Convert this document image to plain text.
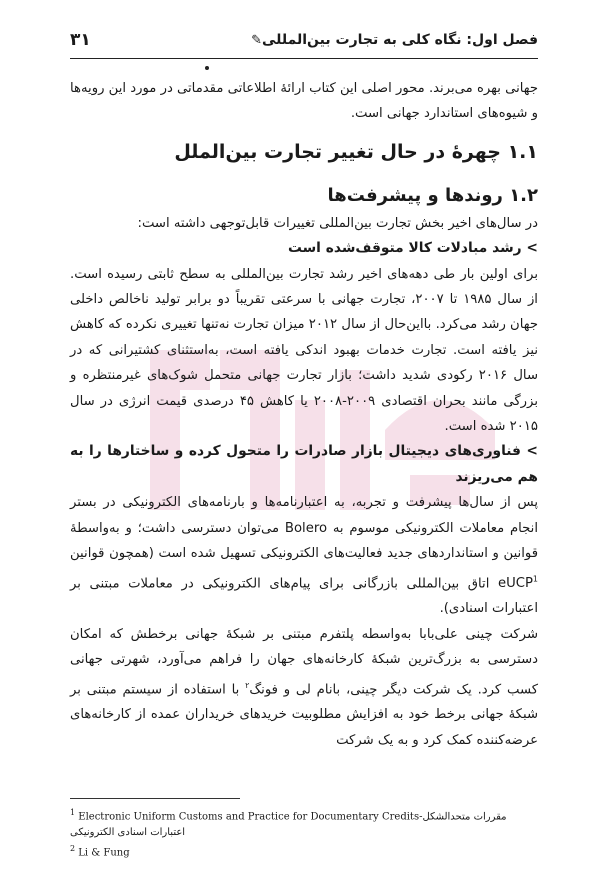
فصل اول: نگاه کلی به تجارت بین‌المللی✎
۳۱

جهانی بهره می‌برند. محور اصلی این کتاب ارائهٔ اطلاعاتی مقدماتی در مورد این رویه‌ها و شیوه‌های استاندارد جهانی است.

۱.۱ چهرهٔ در حال تغییر تجارت بین‌الملل
۱.۲ روندها و پیشرفت‌ها

در سال‌های اخیر بخش تجارت بین‌المللی تغییرات قابل‌توجهی داشته است:

> رشد مبادلات کالا متوقف‌شده است

برای اولین بار طی دهه‌های اخیر رشد تجارت بین‌المللی به سطح ثابتی رسیده است. از سال ۱۹۸۵ تا ۲۰۰۷، تجارت جهانی با سرعتی تقریباً دو برابر تولید ناخالص داخلی جهان رشد می‌کرد. بااین‌حال از سال ۲۰۱۲ میزان تجارت نه‌تنها تغییری نکرده که کاهش نیز یافته است. تجارت خدمات بهبود اندکی یافته است، به‌استثنای کشتیرانی که در سال ۲۰۱۶ رکودی شدید داشت؛ بازار تجارت جهانی متحمل شوک‌های غیرمنتظره و بزرگی مانند بحران اقتصادی ۲۰۰۹-۲۰۰۸ یا کاهش ۴۵ درصدی قیمت انرژی در سال ۲۰۱۵ شده است.

> فناوری‌های دیجیتال بازار صادرات را متحول کرده و ساختارها را به هم می‌ریزند

پس از سال‌ها پیشرفت و تجربه، به اعتبارنامه‌ها و بارنامه‌های الکترونیکی در بستر انجام معاملات الکترونیکی موسوم به Bolero می‌توان دسترسی داشت؛ و به‌واسطهٔ قوانین و استانداردهای جدید فعالیت‌های الکترونیکی تسهیل شده است (همچون قوانین eUCP$^1$ اتاق بین‌المللی بازرگانی برای پیام‌های الکترونیکی در معاملات مبتنی بر اعتبارات اسنادی).

شرکت چینی علی‌بابا به‌واسطه پلتفرم مبتنی بر شبکهٔ جهانی برخطش که امکان دسترسی به بزرگ‌ترین شبکهٔ کارخانه‌های جهان را فراهم می‌آورد، شهرتی جهانی کسب کرد. یک شرکت دیگر چینی، بانام لی و فونگ$^۲$ با استفاده از سیستم مبتنی بر شبکهٔ جهانی برخط خود به افزایش مطلوبیت خریدهای خریداران عمده از کارخانه‌های عرضه‌کننده کمک کرد و به یک شرکت

$^1$ Electronic Uniform Customs and Practice for Documentary Credits-مقررات متحدالشکل اعتبارات اسنادی الکترونیکی
$^2$ Li & Fung
